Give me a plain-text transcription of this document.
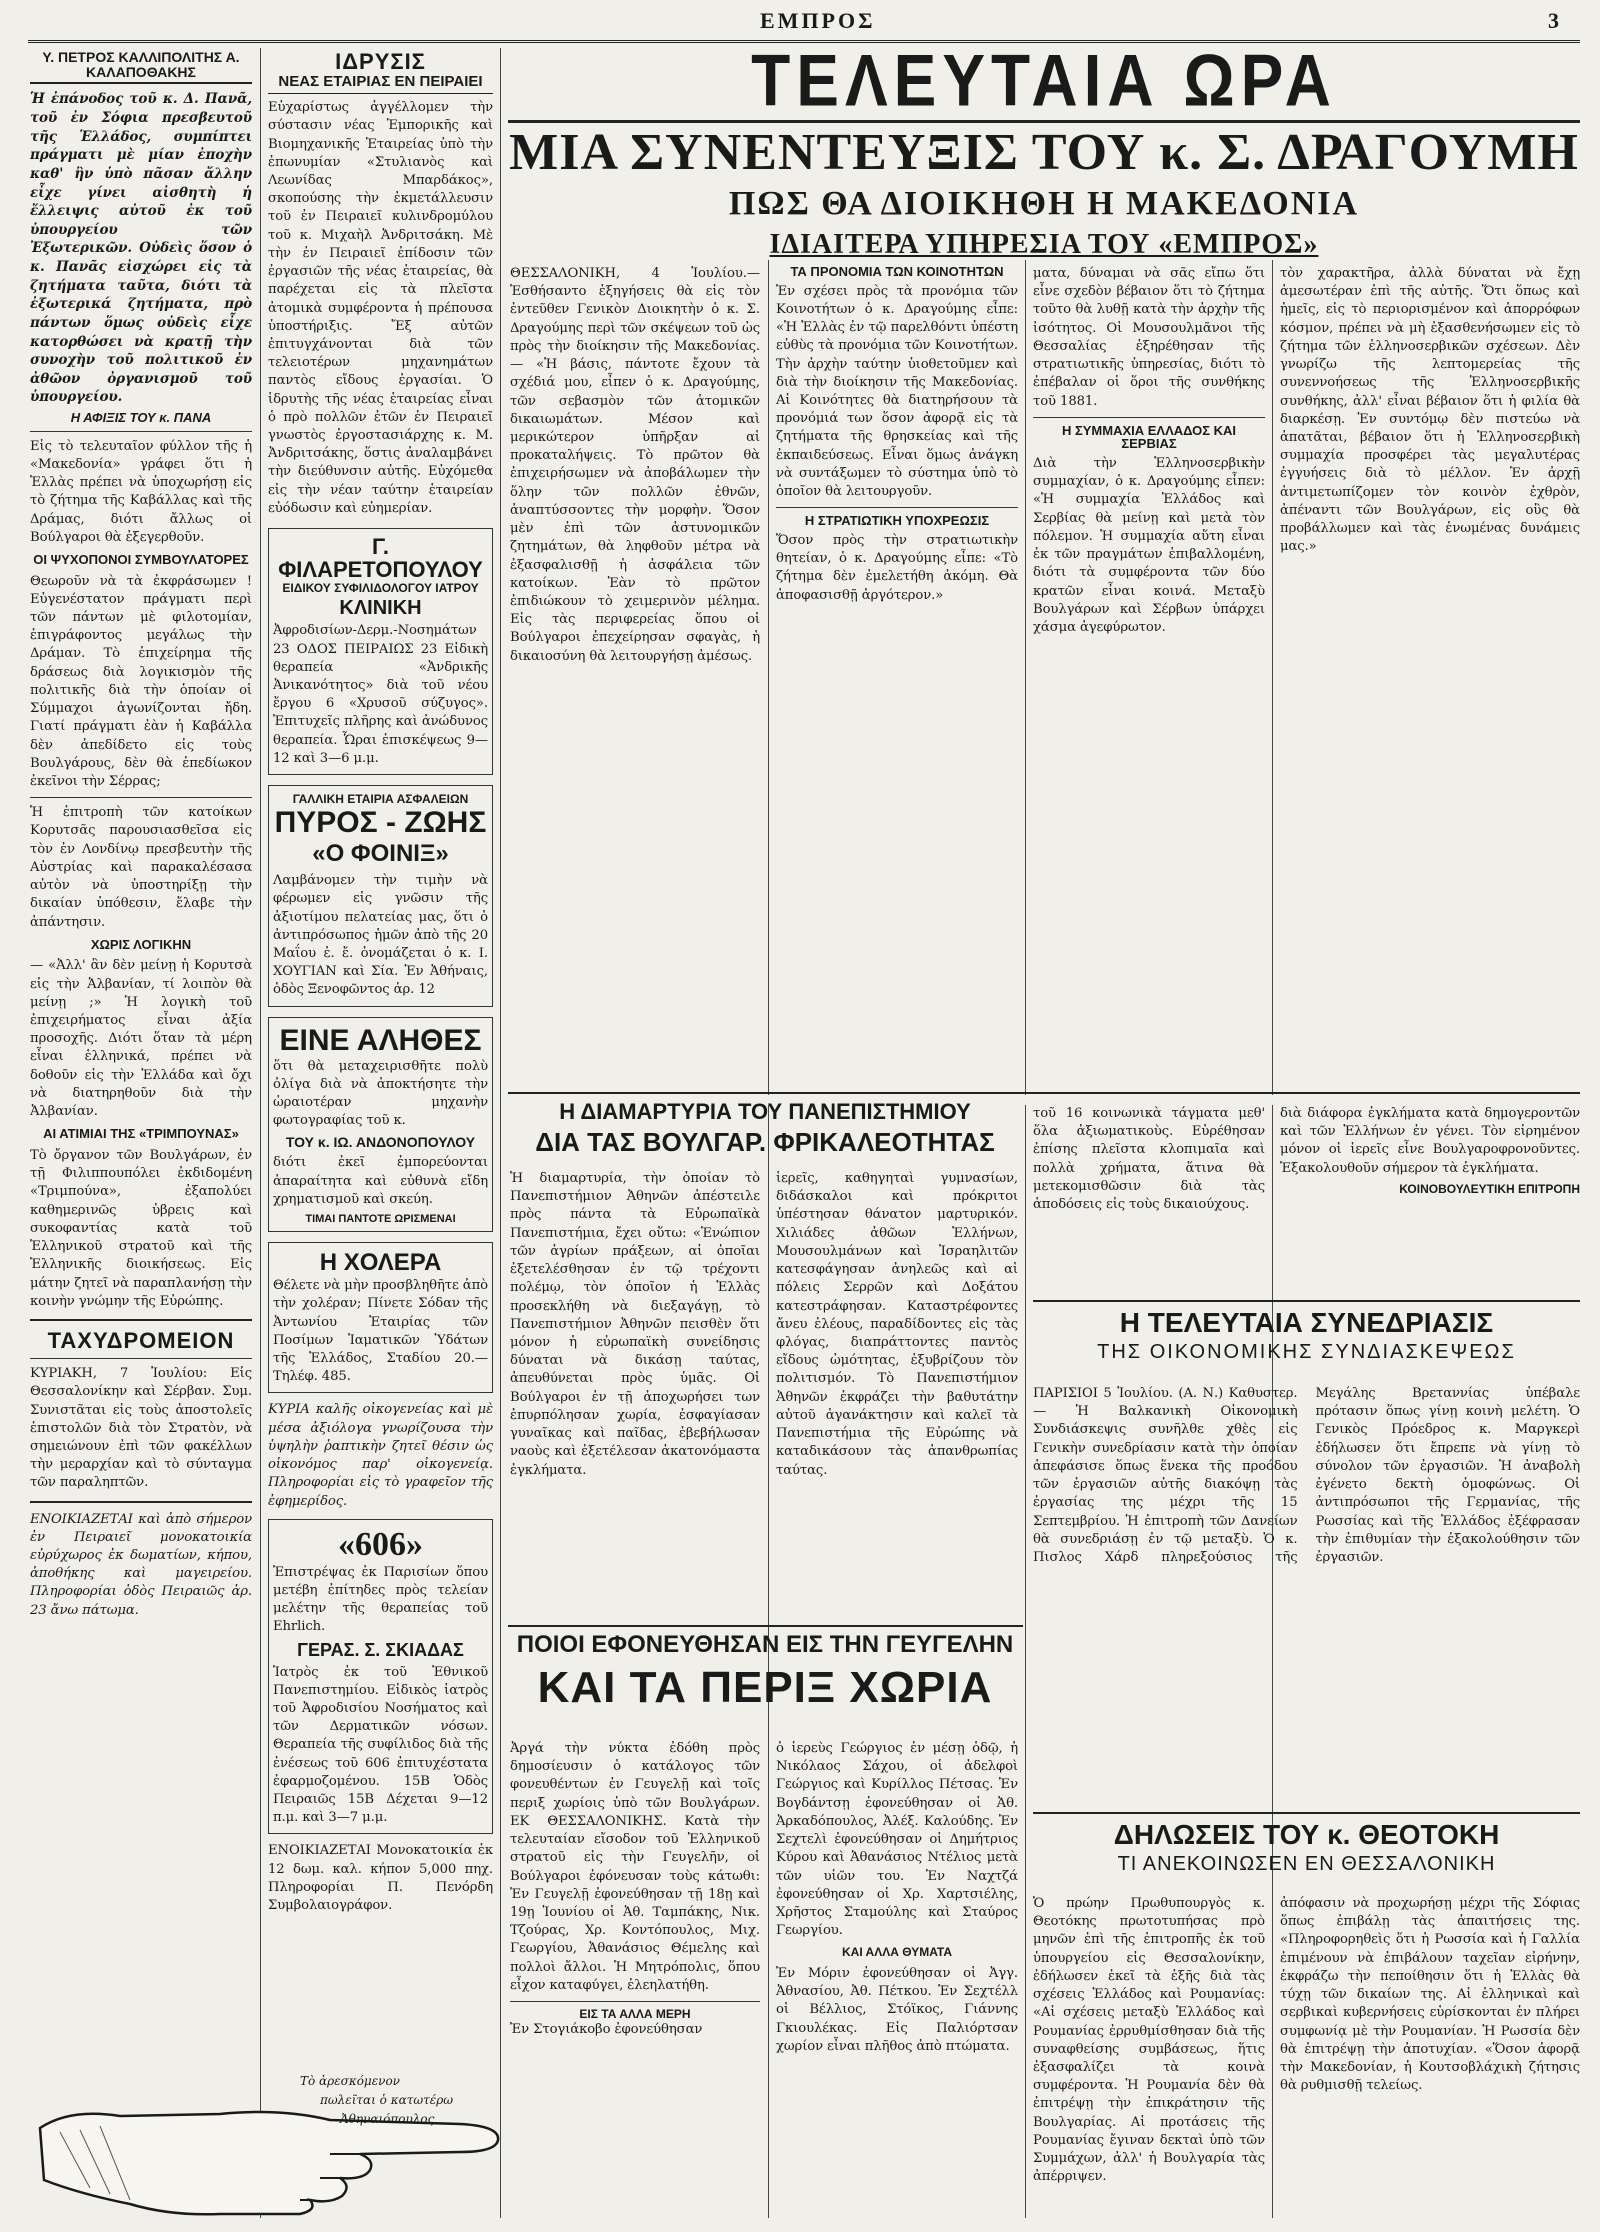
ΕΜΠΡΟΣ	3
Υ. ΠΕΤΡΟΣ ΚΑΛΛΙΠΟΛΙΤΗΣ Α. ΚΑΛΑΠΟΘΑΚΗΣ
Ἡ ἐπάνοδος τοῦ κ. Δ. Πανᾶ, τοῦ ἐν Σόφια πρεσβευτοῦ τῆς Ἑλλάδος, συμπίπτει πράγματι μὲ μίαν ἐποχὴν καθ' ἣν ὑπὸ πᾶσαν ἄλλην εἶχε γίνει αἰσθητὴ ἡ ἔλλειψις αὐτοῦ ἐκ τοῦ ὑπουργείου τῶν Ἐξωτερικῶν. Οὐδεὶς ὅσον ὁ κ. Πανᾶς εἰσχώρει εἰς τὰ ζητήματα ταῦτα, διότι τὰ ἐξωτερικά ζητήματα, πρὸ πάντων ὅμως οὐδεὶς εἶχε κατορθώσει νὰ κρατῇ τὴν συνοχὴν τοῦ πολιτικοῦ ἐν ἀθῶον ὀργανισμοῦ τοῦ ὑπουργείου.
Η ΑΦΙΞΙΣ ΤΟΥ κ. ΠΑΝΑ
Εἰς τὸ τελευταῖον φύλλον τῆς ἡ «Μακεδονία» γράφει ὅτι ἡ Ἑλλὰς πρέπει νὰ ὑποχωρήσῃ εἰς τὸ ζήτημα τῆς Καβάλλας καὶ τῆς Δράμας, διότι ἄλλως οἱ Βούλγαροι θὰ ἐξεγερθοῦν.
ΟΙ ΨΥΧΟΠΟΝΟΙ ΣΥΜΒΟΥΛΑΤΟΡΕΣ
Θεωροῦν νὰ τὰ ἐκφράσωμεν ! Εὐγενέστατον πράγματι περὶ τῶν πάντων μὲ φιλοτομίαν, ἐπιγράφοντος μεγάλως τὴν Δράμαν. Τὸ ἐπιχείρημα τῆς δράσεως διὰ λογικισμὸν τῆς πολιτικῆς διὰ τὴν ὁποίαν οἱ Σύμμαχοι ἀγωνίζονται ἤδη. Γιατί πράγματι ἐὰν ἡ Καβάλλα δὲν ἀπεδίδετο εἰς τοὺς Βουλγάρους, δὲν θὰ ἐπεδίωκον ἐκεῖνοι τὴν Σέρρας;
Ἡ ἐπιτροπὴ τῶν κατοίκων Κορυτσᾶς παρουσιασθεῖσα εἰς τὸν ἐν Λονδίνῳ πρεσβευτὴν τῆς Αὐστρίας καὶ παρακαλέσασα αὐτὸν νὰ ὑποστηρίξῃ τὴν δικαίαν ὑπόθεσιν, ἔλαβε τὴν ἀπάντησιν.
ΧΩΡΙΣ ΛΟΓΙΚΗΝ
— «Ἀλλ' ἂν δὲν μείνῃ ἡ Κορυτσὰ εἰς τὴν Ἀλβανίαν, τί λοιπὸν θὰ μείνῃ ;» Ἡ λογικὴ τοῦ ἐπιχειρήματος εἶναι ἀξία προσοχῆς. Διότι ὅταν τὰ μέρη εἶναι ἑλληνικά, πρέπει νὰ δοθοῦν εἰς τὴν Ἑλλάδα καὶ ὄχι νὰ διατηρηθοῦν διὰ τὴν Ἀλβανίαν.
ΑΙ ΑΤΙΜΙΑΙ ΤΗΣ «ΤΡΙΜΠΟΥΝΑΣ»
Τὸ ὄργανον τῶν Βουλγάρων, ἐν τῇ Φιλιππουπόλει ἐκδιδομένη «Τριμπούνα», ἐξαπολύει καθημερινῶς ὑβρεις καὶ συκοφαντίας κατὰ τοῦ Ἑλληνικοῦ στρατοῦ καὶ τῆς Ἑλληνικῆς διοικήσεως. Εἰς μάτην ζητεῖ νὰ παραπλανήσῃ τὴν κοινὴν γνώμην τῆς Εὐρώπης.
ΤΑΧΥΔΡΟΜΕΙΟΝ
ΚΥΡΙΑΚΗ, 7 Ἰουλίου: Εἰς Θεσσαλονίκην καὶ Σέρβαν. Συμ. Συνιστᾶται εἰς τοὺς ἀποστολεῖς ἐπιστολῶν διὰ τὸν Στρατὸν, νὰ σημειώνουν ἐπὶ τῶν φακέλλων τὴν μεραρχίαν καὶ τὸ σύνταγμα τῶν παραληπτῶν.
ΕΝΟΙΚΙΑΖΕΤΑΙ καὶ ἀπὸ σήμερον ἐν Πειραιεῖ μονοκατοικία εὐρύχωρος ἐκ δωματίων, κήπου, ἀποθήκης καὶ μαγειρείου. Πληροφορίαι ὁδὸς Πειραιῶς ἀρ. 23 ἄνω πάτωμα.
Τὸ ἀρεσκόμενον
πωλεῖται ὁ κατωτέρω
Ἀθηναιόπουλος
ΙΔΡΥΣΙΣ
ΝΕΑΣ ΕΤΑΙΡΙΑΣ ΕΝ ΠΕΙΡΑΙΕΙ
Εὐχαρίστως ἀγγέλλομεν τὴν σύστασιν νέας Ἐμπορικῆς καὶ Βιομηχανικῆς Ἑταιρείας ὑπὸ τὴν ἐπωνυμίαν «Στυλιανὸς καὶ Λεωνίδας Μπαρδάκος», σκοπούσης τὴν ἐκμετάλλευσιν τοῦ ἐν Πειραιεῖ κυλινδρομύλου τοῦ κ. Μιχαὴλ Ἀνδριτσάκη. Μὲ τὴν ἐν Πειραιεῖ ἐπίδοσιν τῶν ἐργασιῶν τῆς νέας ἑταιρείας, θὰ παρέχεται εἰς τὰ πλεῖστα ἀτομικὰ συμφέροντα ἡ πρέπουσα ὑποστήριξις. Ἔξ αὐτῶν ἐπιτυγχάνονται διὰ τῶν τελειοτέρων μηχανημάτων παντὸς εἴδους ἐργασίαι. Ὁ ἱδρυτὴς τῆς νέας ἑταιρείας εἶναι ὁ πρὸ πολλῶν ἐτῶν ἐν Πειραιεῖ γνωστὸς ἐργοστασιάρχης κ. Μ. Ἀνδριτσάκης, ὅστις ἀναλαμβάνει τὴν διεύθυνσιν αὐτῆς. Εὐχόμεθα εἰς τὴν νέαν ταύτην ἑταιρείαν εὐόδωσιν καὶ εὐημερίαν.
Γ. ΦΙΛΑΡΕΤΟΠΟΥΛΟΥ
ΕΙΔΙΚΟΥ ΣΥΦΙΛΙΔΟΛΟΓΟΥ ΙΑΤΡΟΥ
ΚΛΙΝΙΚΗ
Ἀφροδισίων-Δερμ.-Νοσημάτων 23 ΟΔΟΣ ΠΕΙΡΑΙΩΣ 23 Εἰδικὴ θεραπεία «Ἀνδρικῆς Ἀνικανότητος» διὰ τοῦ νέου ἔργου 6 «Χρυσοῦ σύζυγος». Ἐπιτυχεῖς πλῆρης καὶ ἀνώδυνος θεραπεία. Ὧραι ἐπισκέψεως 9—12 καὶ 3—6 μ.μ.
ΓΑΛΛΙΚΗ ΕΤΑΙΡΙΑ ΑΣΦΑΛΕΙΩΝ
ΠΥΡΟΣ - ΖΩΗΣ
«Ο ΦΟΙΝΙΞ»
Λαμβάνομεν τὴν τιμὴν νὰ φέρωμεν εἰς γνῶσιν τῆς ἀξιοτίμου πελατείας μας, ὅτι ὁ ἀντιπρόσωπος ἡμῶν ἀπὸ τῆς 20 Μαΐου ἐ. ἔ. ὀνομάζεται ὁ κ. Ι. ΧΟΥΓΙΑΝ καὶ Σία. Ἐν Ἀθήναις, ὁδὸς Ξενοφῶντος ἀρ. 12
ΕΙΝΕ ΑΛΗΘΕΣ
ὅτι θὰ μεταχειρισθῆτε πολὺ ὀλίγα διὰ νὰ ἀποκτήσητε τὴν ὡραιοτέραν μηχανὴν φωτογραφίας τοῦ κ.
ΤΟΥ κ. ΙΩ. ΑΝΔΟΝΟΠΟΥΛΟΥ
διότι ἐκεῖ ἐμπορεύονται ἀπαραίτητα καὶ εὐθυνὰ εἴδη χρηματισμοῦ καὶ σκεύη.
ΤΙΜΑΙ ΠΑΝΤΟΤΕ ΩΡΙΣΜΕΝΑΙ
Η ΧΟΛΕΡΑ
Θέλετε νὰ μὴν προσβληθῆτε ἀπὸ τὴν χολέραν; Πίνετε Σόδαν τῆς Ἀντωνίου Ἑταιρίας τῶν Ποσίμων Ἰαματικῶν Ὑδάτων τῆς Ἑλλάδος, Σταδίου 20.—Τηλέφ. 485.
ΚΥΡΙΑ καλῆς οἰκογενείας καὶ μὲ μέσα ἀξιόλογα γνωρίζουσα τὴν ὑψηλὴν ῥαπτικὴν ζητεῖ θέσιν ὡς οἰκονόμος παρ' οἰκογενείᾳ. Πληροφορίαι εἰς τὸ γραφεῖον τῆς ἐφημερίδος.
«606»
Ἐπιστρέψας ἐκ Παρισίων ὅπου μετέβη ἐπίτηδες πρὸς τελείαν μελέτην τῆς θεραπείας τοῦ Ehrlich.
ΓΕΡΑΣ. Σ. ΣΚΙΑΔΑΣ
Ἰατρὸς ἐκ τοῦ Ἐθνικοῦ Πανεπιστημίου. Εἰδικὸς ἰατρὸς τοῦ Ἀφροδισίου Νοσήματος καὶ τῶν Δερματικῶν νόσων. Θεραπεία τῆς συφίλιδος διὰ τῆς ἐνέσεως τοῦ 606 ἐπιτυχέστατα ἐφαρμοζομένου. 15Β Ὁδὸς Πειραιῶς 15Β Δέχεται 9—12 π.μ. καὶ 3—7 μ.μ.
ΕΝΟΙΚΙΑΖΕΤΑΙ Μονοκατοικία ἐκ 12 δωμ. καλ. κήπον 5,000 πηχ. Πληροφορίαι Π. Πενόρδη Συμβολαιογράφον.
ΤΕΛΕΥΤΑΙΑ ΩΡΑ
ΜΙΑ ΣΥΝΕΝΤΕΥΞΙΣ ΤΟΥ κ. Σ. ΔΡΑΓΟΥΜΗ
ΠΩΣ ΘΑ ΔΙΟΙΚΗΘΗ Η ΜΑΚΕΔΟΝΙΑ
ΙΔΙΑΙΤΕΡΑ ΥΠΗΡΕΣΙΑ ΤΟΥ «ΕΜΠΡΟΣ»
ΘΕΣΣΑΛΟΝΙΚΗ, 4 Ἰουλίου.—Ἐσθήσαντο ἐξηγήσεις θὰ εἰς τὸν ἐντεῦθεν Γενικὸν Διοικητὴν ὁ κ. Σ. Δραγούμης περὶ τῶν σκέψεων τοῦ ὡς πρὸς τὴν διοίκησιν τῆς Μακεδονίας. — «Ἡ βάσις, πάντοτε ἔχουν τὰ σχέδιά μου, εἶπεν ὁ κ. Δραγούμης, τῶν σεβασμὸν τῶν ἀτομικῶν δικαιωμάτων. Μέσον καὶ μερικώτερον ὑπῆρξαν αἱ προκαταλήψεις. Τὸ πρῶτον θὰ ἐπιχειρήσωμεν νὰ ἀποβάλωμεν τὴν ὅλην τῶν πολλῶν ἐθνῶν, ἀναπτύσσοντες τὴν μορφὴν. Ὅσον μὲν ἐπὶ τῶν ἀστυνομικῶν ζητημάτων, θὰ ληφθοῦν μέτρα νὰ ἐξασφαλισθῇ ἡ ἀσφάλεια τῶν κατοίκων. Ἐὰν τὸ πρῶτον ἐπιδιώκουν τὸ χειμερινὸν μέλημα. Εἰς τὰς περιφερείας ὅπου οἱ Βούλγαροι ἐπεχείρησαν σφαγὰς, ἡ δικαιοσύνη θὰ λειτουργήσῃ ἀμέσως.
ΤΑ ΠΡΟΝΟΜΙΑ ΤΩΝ ΚΟΙΝΟΤΗΤΩΝ
Ἐν σχέσει πρὸς τὰ προνόμια τῶν Κοινοτήτων ὁ κ. Δραγούμης εἶπε: «Ἡ Ἑλλὰς ἐν τῷ παρελθόντι ὑπέστη εὐθὺς τὰ προνόμια τῶν Κοινοτήτων. Τὴν ἀρχὴν ταύτην ὑιοθετοῦμεν καὶ διὰ τὴν διοίκησιν τῆς Μακεδονίας. Αἱ Κοινότητες θὰ διατηρήσουν τὰ προνόμιά των ὅσον ἀφορᾷ εἰς τὰ ζητήματα τῆς θρησκείας καὶ τῆς ἐκπαιδεύσεως. Εἶναι ὅμως ἀνάγκη νὰ συντάξωμεν τὸ σύστημα ὑπὸ τὸ ὁποῖον θὰ λειτουργοῦν.
Η ΣΤΡΑΤΙΩΤΙΚΗ ΥΠΟΧΡΕΩΣΙΣ
Ὅσον πρὸς τὴν στρατιωτικὴν θητείαν, ὁ κ. Δραγούμης εἶπε: «Τὸ ζήτημα δὲν ἐμελετήθη ἀκόμη. Θὰ ἀποφασισθῇ ἀργότερον.»
ματα, δύναμαι νὰ σᾶς εἴπω ὅτι εἶνε σχεδὸν βέβαιον ὅτι τὸ ζήτημα τοῦτο θὰ λυθῇ κατὰ τὴν ἀρχὴν τῆς ἰσότητος. Οἱ Μουσουλμᾶνοι τῆς Θεσσαλίας ἐξηρέθησαν τῆς στρατιωτικῆς ὑπηρεσίας, διότι τὸ ἐπέβαλαν οἱ ὅροι τῆς συνθήκης τοῦ 1881.
Η ΣΥΜΜΑΧΙΑ ΕΛΛΑΔΟΣ ΚΑΙ ΣΕΡΒΙΑΣ
Διὰ τὴν Ἑλληνοσερβικὴν συμμαχίαν, ὁ κ. Δραγούμης εἶπεν: «Ἡ συμμαχία Ἑλλάδος καὶ Σερβίας θὰ μείνῃ καὶ μετὰ τὸν πόλεμον. Ἡ συμμαχία αὕτη εἶναι ἐκ τῶν πραγμάτων ἐπιβαλλομένη, διότι τὰ συμφέροντα τῶν δύο κρατῶν εἶναι κοινά. Μεταξὺ Βουλγάρων καὶ Σέρβων ὑπάρχει χάσμα ἀγεφύρωτον.
τὸν χαρακτῆρα, ἀλλὰ δύναται νὰ ἔχῃ ἀμεσωτέραν ἐπὶ τῆς αὐτῆς. Ὅτι ὅπως καὶ ἡμεῖς, εἰς τὸ περιορισμένον καὶ ἀπορρόφων κόσμον, πρέπει νὰ μὴ ἐξασθενήσωμεν εἰς τὸ ζήτημα τῶν ἑλληνοσερβικῶν σχέσεων. Δὲν γνωρίζω τῆς λεπτομερείας τῆς συνεννοήσεως τῆς Ἑλληνοσερβικῆς συνθήκης, ἀλλ' εἶναι βέβαιον ὅτι ἡ φιλία θὰ διαρκέσῃ. Ἐν συντόμῳ δὲν πιστεύω νὰ ἀπατᾶται, βέβαιον ὅτι ἡ Ἑλληνοσερβικὴ συμμαχία προσφέρει τὰς μεγαλυτέρας ἐγγυήσεις διὰ τὸ μέλλον. Ἐν ἀρχῇ ἀντιμετωπίζομεν τὸν κοινὸν ἐχθρὸν, ἀπέναντι τῶν Βουλγάρων, εἰς οὓς θὰ προβάλλωμεν καὶ τὰς ἑνωμένας δυνάμεις μας.»
Η ΔΙΑΜΑΡΤΥΡΙΑ ΤΟΥ ΠΑΝΕΠΙΣΤΗΜΙΟΥ
ΔΙΑ ΤΑΣ ΒΟΥΛΓΑΡ. ΦΡΙΚΑΛΕΟΤΗΤΑΣ
Ἡ διαμαρτυρία, τὴν ὁποίαν τὸ Πανεπιστήμιον Ἀθηνῶν ἀπέστειλε πρὸς πάντα τὰ Εὐρωπαϊκὰ Πανεπιστήμια, ἔχει οὕτω: «Ἐνώπιον τῶν ἀγρίων πράξεων, αἱ ὁποῖαι ἐξετελέσθησαν ἐν τῷ τρέχοντι πολέμῳ, τὸν ὁποῖον ἡ Ἑλλὰς προσεκλήθη νὰ διεξαγάγῃ, τὸ Πανεπιστήμιον Ἀθηνῶν πεισθὲν ὅτι μόνον ἡ εὐρωπαϊκὴ συνείδησις δύναται νὰ δικάσῃ ταύτας, ἀπευθύνεται πρὸς ὑμᾶς. Οἱ Βούλγαροι ἐν τῇ ἀποχωρήσει των ἐπυρπόλησαν χωρία, ἐσφαγίασαν γυναῖκας καὶ παῖδας, ἐβεβήλωσαν ναοὺς καὶ ἐξετέλεσαν ἀκατονόμαστα ἐγκλήματα.
ἱερεῖς, καθηγηταὶ γυμνασίων, διδάσκαλοι καὶ πρόκριτοι ὑπέστησαν θάνατον μαρτυρικόν. Χιλιάδες ἀθῶων Ἑλλήνων, Μουσουλμάνων καὶ Ἰσραηλιτῶν κατεσφάγησαν ἀνηλεῶς καὶ αἱ πόλεις Σερρῶν καὶ Δοξάτου κατεστράφησαν. Καταστρέφοντες ἄνευ ἐλέους, παραδίδοντες εἰς τὰς φλόγας, διαπράττοντες παντὸς εἴδους ὠμότητας, ἐξυβρίζουν τὸν πολιτισμόν. Τὸ Πανεπιστήμιον Ἀθηνῶν ἐκφράζει τὴν βαθυτάτην αὐτοῦ ἀγανάκτησιν καὶ καλεῖ τὰ Πανεπιστήμια τῆς Εὐρώπης νὰ καταδικάσουν τὰς ἀπανθρωπίας ταύτας.
τοῦ 16 κοινωνικὰ τάγματα μεθ' ὅλα ἀξιωματικοὺς. Εὑρέθησαν ἐπίσης πλεῖστα κλοπιμαῖα καὶ πολλὰ χρήματα, ἅτινα θὰ μετεκομισθῶσιν διὰ τὰς ἀποδόσεις εἰς τοὺς δικαιούχους.
διὰ διάφορα ἐγκλήματα κατὰ δημογεροντῶν καὶ τῶν Ἑλλήνων ἐν γένει. Τὸν εἰρημένον μόνον οἱ ἱερεῖς εἶνε Βουλγαροφρονοῦντες. Ἐξακολουθοῦν σήμερον τὰ ἐγκλήματα.
ΚΟΙΝΟΒΟΥΛΕΥΤΙΚΗ ΕΠΙΤΡΟΠΗ
Η ΤΕΛΕΥΤΑΙΑ ΣΥΝΕΔΡΙΑΣΙΣ
ΤΗΣ ΟΙΚΟΝΟΜΙΚΗΣ ΣΥΝΔΙΑΣΚΕΨΕΩΣ
ΠΑΡΙΣΙΟΙ 5 Ἰουλίου. (Α. Ν.) Καθυστερ.— Ἡ Βαλκανικὴ Οἰκονομικὴ Συνδιάσκεψις συνῆλθε χθὲς εἰς Γενικὴν συνεδρίασιν κατὰ τὴν ὁποίαν ἀπεφάσισε ὅπως ἕνεκα τῆς προόδου τῶν ἐργασιῶν αὐτῆς διακόψῃ τὰς ἐργασίας της μέχρι τῆς 15 Σεπτεμβρίου. Ἡ ἐπιτροπὴ τῶν Δανείων θὰ συνεδριάσῃ ἐν τῷ μεταξὺ. Ὁ κ. Πισλος Χάρδ πληρεξούσιος τῆς Μεγάλης Βρεταννίας ὑπέβαλε πρότασιν ὅπως γίνῃ κοινὴ μελέτη. Ὁ Γενικὸς Πρόεδρος κ. Μαργκερὶ ἐδήλωσεν ὅτι ἔπρεπε νὰ γίνῃ τὸ σύνολον τῶν ἐργασιῶν. Ἡ ἀναβολὴ ἐγένετο δεκτὴ ὁμοφώνως. Οἱ ἀντιπρόσωποι τῆς Γερμανίας, τῆς Ρωσσίας καὶ τῆς Ἑλλάδος ἐξέφρασαν τὴν ἐπιθυμίαν τὴν ἐξακολούθησιν τῶν ἐργασιῶν.
ΠΟΙΟΙ ΕΦΟΝΕΥΘΗΣΑΝ ΕΙΣ ΤΗΝ ΓΕΥΓΕΛΗΝ
ΚΑΙ ΤΑ ΠΕΡΙΞ ΧΩΡΙΑ
Ἀργά τὴν νύκτα ἐδόθη πρὸς δημοσίευσιν ὁ κατάλογος τῶν φονευθέντων ἐν Γευγελῇ καὶ τοῖς περιξ χωρίοις ὑπὸ τῶν Βουλγάρων. ΕΚ ΘΕΣΣΑΛΟΝΙΚΗΣ. Κατὰ τὴν τελευταίαν εἴσοδον τοῦ Ἑλληνικοῦ στρατοῦ εἰς τὴν Γευγελῆν, οἱ Βούλγαροι ἐφόνευσαν τοὺς κάτωθι: Ἐν Γευγελῇ ἐφονεύθησαν τῇ 18ῃ καὶ 19ῃ Ἰουνίου οἱ Ἀθ. Ταμπάκης, Νικ. Τζούρας, Χρ. Κοντόπουλος, Μιχ. Γεωργίου, Ἀθανάσιος Θέμελης καὶ πολλοὶ ἄλλοι. Ἡ Μητρόπολις, ὅπου εἶχον καταφύγει, ἐλεηλατήθη.
ΕΙΣ ΤΑ ΑΛΛΑ ΜΕΡΗ
Ἐν Στογιάκοβο ἐφονεύθησαν
ὁ ἱερεὺς Γεώργιος ἐν μέσῃ ὁδῷ, ἡ Νικόλαος Σάχου, οἱ ἀδελφοὶ Γεώργιος καὶ Κυρίλλος Πέτσας. Ἐν Βογδάντσῃ ἐφονεύθησαν οἱ Ἀθ. Ἀρκαδόπουλος, Ἀλέξ. Καλούδης. Ἐν Σεχτελὶ ἐφονεύθησαν οἱ Δημήτριος Κύρου καὶ Ἀθανάσιος Ντέλιος μετὰ τῶν υἱῶν του. Ἐν Ναχτζά ἐφονεύθησαν οἱ Χρ. Χαρτσιέλης, Χρῆστος Σταμούλης καὶ Σταύρος Γεωργίου.
ΚΑΙ ΑΛΛΑ ΘΥΜΑΤΑ
Ἐν Μόριν ἐφονεύθησαν οἱ Ἀγγ. Ἀθνασίου, Ἀθ. Πέτκου. Ἐν Σεχτέλλ οἱ Βέλλιος, Στόϊκος, Γιάννης Γκιουλέκας. Εἰς Παλιόρτσαν χωρίον εἶναι πλῆθος ἀπὸ πτώματα.
ΔΗΛΩΣΕΙΣ ΤΟΥ κ. ΘΕΟΤΟΚΗ
ΤΙ ΑΝΕΚΟΙΝΩΣΕΝ ΕΝ ΘΕΣΣΑΛΟΝΙΚΗ
Ὁ πρώην Πρωθυπουργὸς κ. Θεοτόκης πρωτοτυπήσας πρὸ μηνῶν ἐπὶ τῆς ἐπιτροπῆς ἐκ τοῦ ὑπουργείου εἰς Θεσσαλονίκην, ἐδήλωσεν ἐκεῖ τὰ ἑξῆς διὰ τὰς σχέσεις Ἑλλάδος καὶ Ρουμανίας: «Αἱ σχέσεις μεταξὺ Ἑλλάδος καὶ Ρουμανίας ἐρρυθμίσθησαν διὰ τῆς συναφθείσης συμβάσεως, ἥτις ἐξασφαλίζει τὰ κοινὰ συμφέροντα. Ἡ Ρουμανία δὲν θὰ ἐπιτρέψῃ τὴν ἐπικράτησιν τῆς Βουλγαρίας. Αἱ προτάσεις τῆς Ρουμανίας ἔγιναν δεκταὶ ὑπὸ τῶν Συμμάχων, ἀλλ' ἡ Βουλγαρία τὰς ἀπέρριψεν.
ἀπόφασιν νὰ προχωρήσῃ μέχρι τῆς Σόφιας ὅπως ἐπιβάλῃ τὰς ἀπαιτήσεις της. «Πληροφορηθεὶς ὅτι ἡ Ρωσσία καὶ ἡ Γαλλία ἐπιμένουν νὰ ἐπιβάλουν ταχεῖαν εἰρήνην, ἐκφράζω τὴν πεποίθησιν ὅτι ἡ Ἑλλὰς θὰ τύχῃ τῶν δικαίων της. Αἱ ἑλληνικαὶ καὶ σερβικαὶ κυβερνήσεις εὑρίσκονται ἐν πλήρει συμφωνίᾳ μὲ τὴν Ρουμανίαν. Ἡ Ρωσσία δὲν θὰ ἐπιτρέψῃ τὴν ἀποτυχίαν. «Ὅσον ἀφορᾷ τὴν Μακεδονίαν, ἡ Κουτσοβλάχικὴ ζήτησις θὰ ρυθμισθῇ τελείως.
